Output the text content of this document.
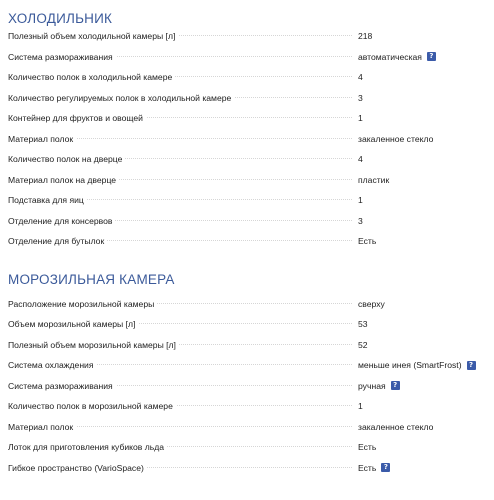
ХОЛОДИЛЬНИК
Полезный объем холодильной камеры [л]	218
Система размораживания	автоматическая	?
Количество полок в холодильной камере	4
Количество регулируемых полок в холодильной камере	3
Контейнер для фруктов и овощей	1
Материал полок	закаленное стекло
Количество полок на дверце	4
Материал полок на дверце	пластик
Подставка для яиц	1
Отделение для консервов	3
Отделение для бутылок	Есть
МОРОЗИЛЬНАЯ КАМЕРА
Расположение морозильной камеры	сверху
Объем морозильной камеры [л]	53
Полезный объем морозильной камеры [л]	52
Система охлаждения	меньше инея (SmartFrost)	?
Система размораживания	ручная	?
Количество полок в морозильной камере	1
Материал полок	закаленное стекло
Лоток для приготовления кубиков льда	Есть
Гибкое пространство (VarioSpace)	Есть	?
